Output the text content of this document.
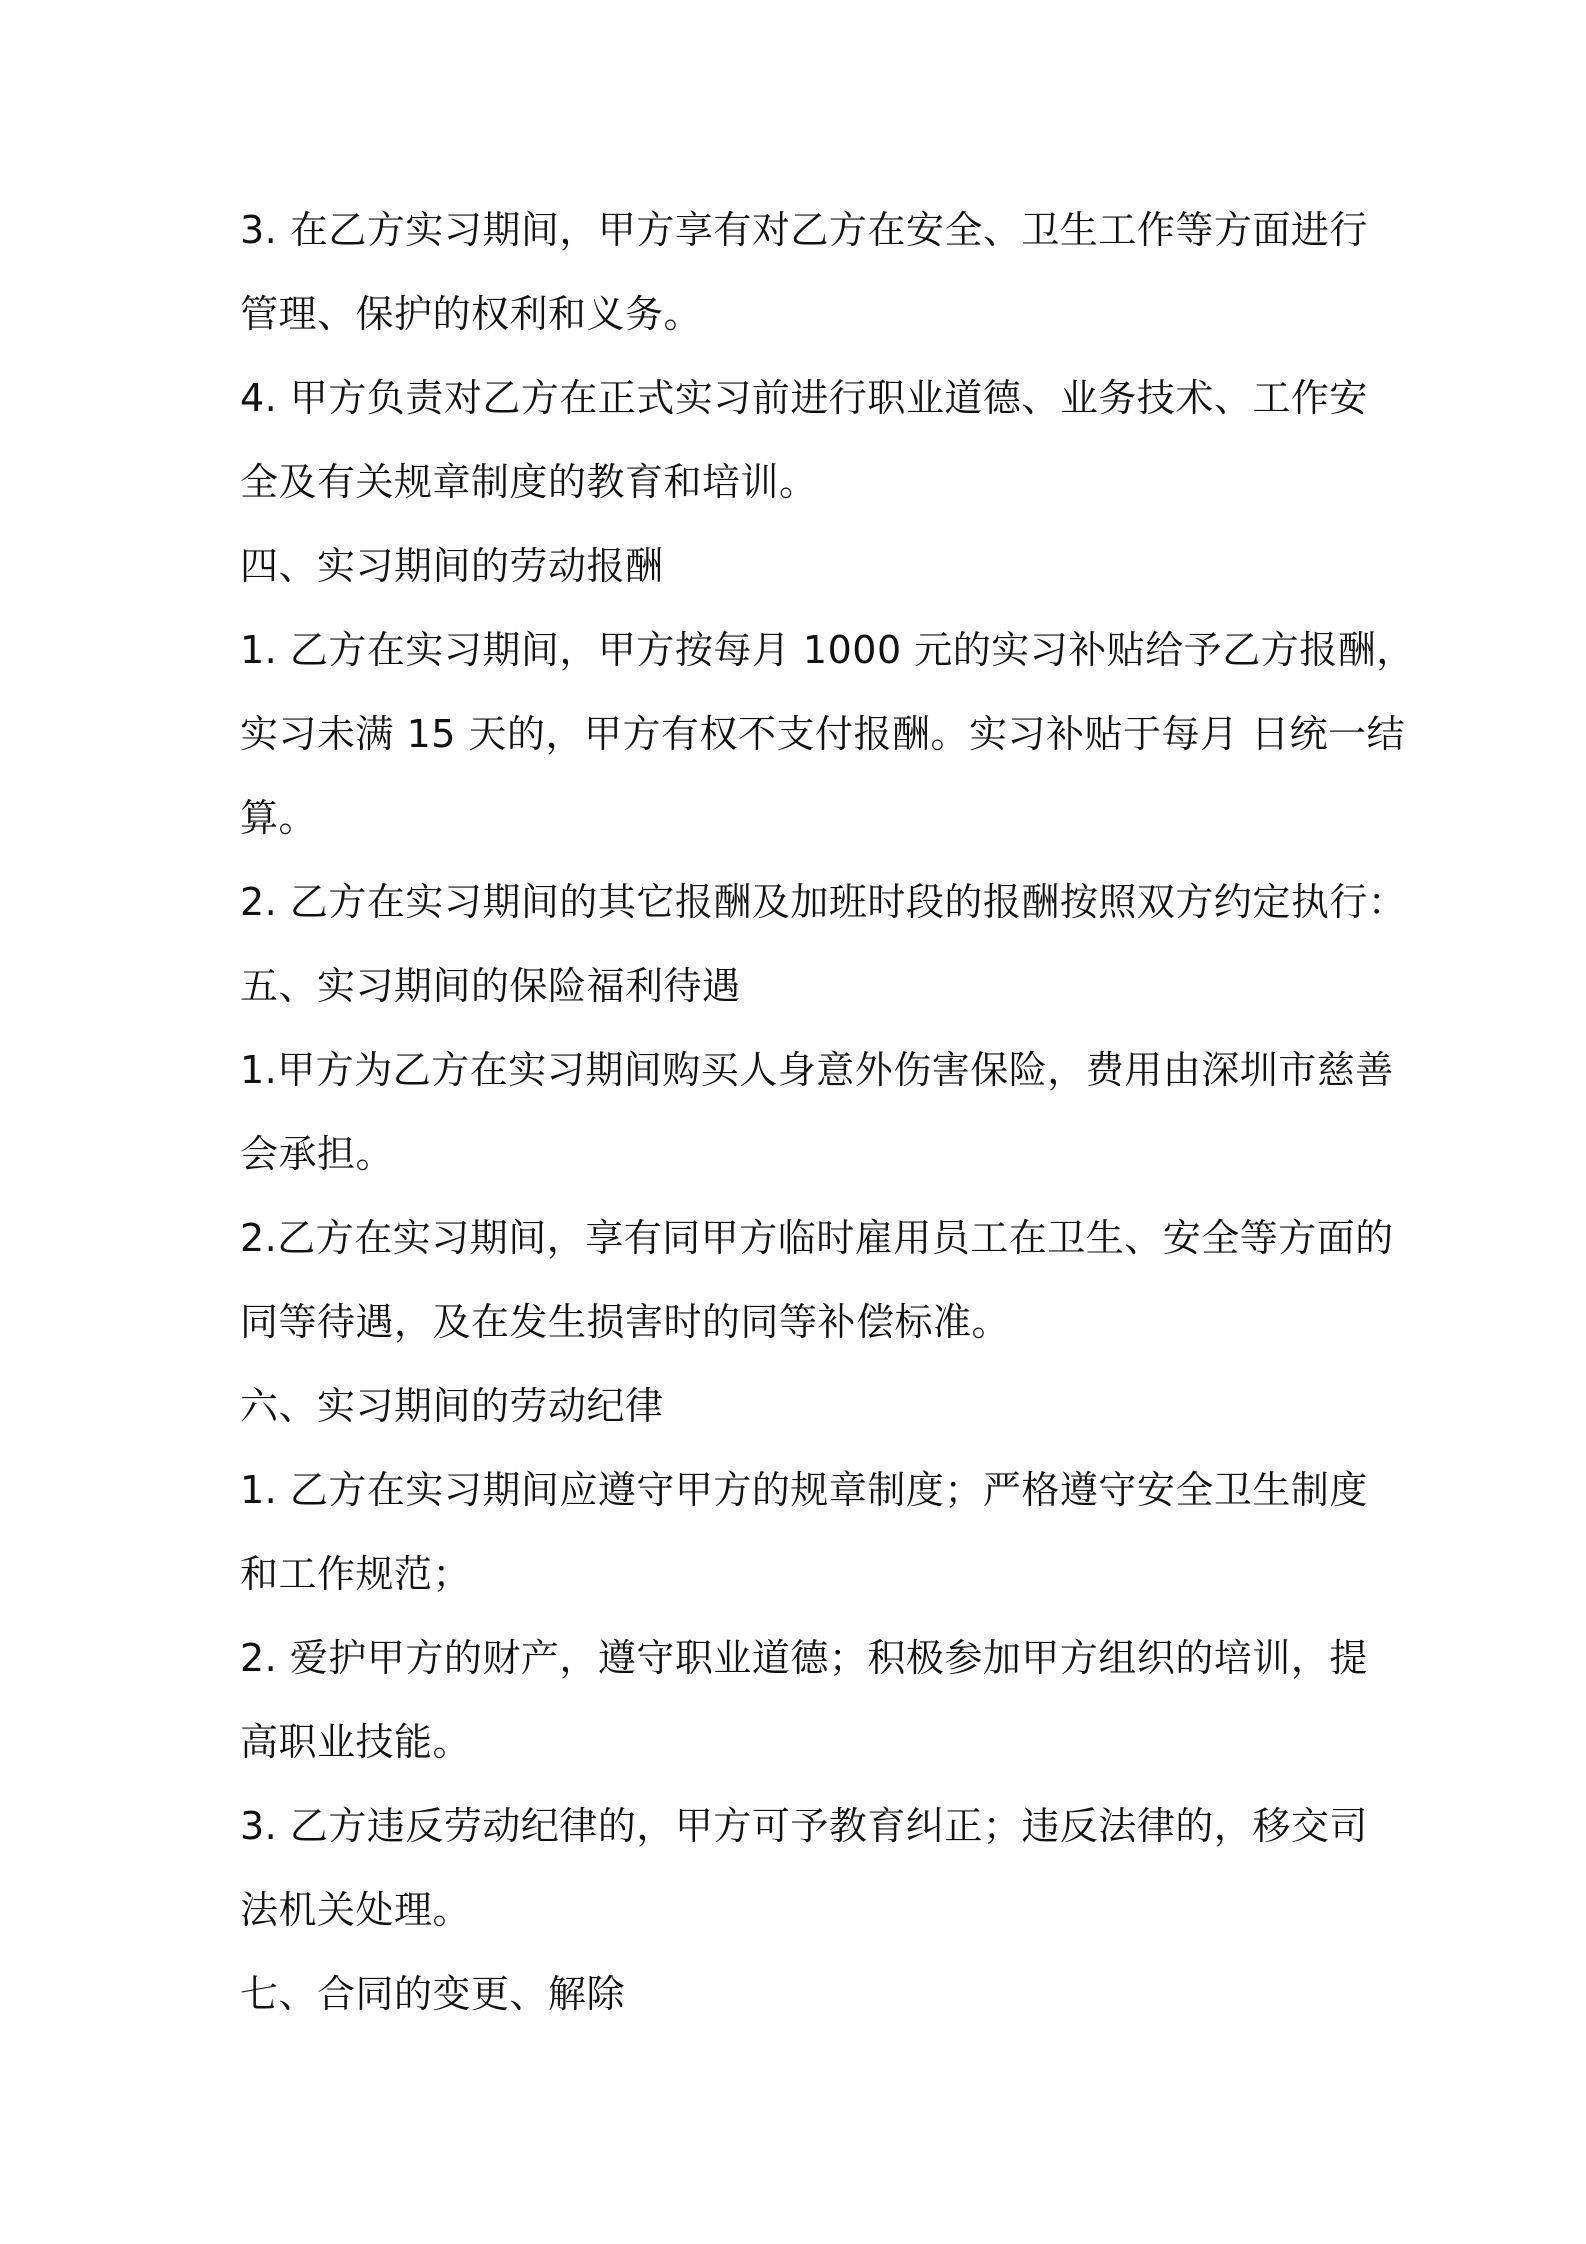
3. 在乙方实习期间，甲方享有对乙方在安全、卫生工作等方面进行
管理、保护的权利和义务。
4. 甲方负责对乙方在正式实习前进行职业道德、业务技术、工作安
全及有关规章制度的教育和培训。
四、实习期间的劳动报酬
1. 乙方在实习期间，甲方按每月 1000 元的实习补贴给予乙方报酬，
实习未满 15 天的，甲方有权不支付报酬。实习补贴于每月 日统一结
算。
2. 乙方在实习期间的其它报酬及加班时段的报酬按照双方约定执行：
五、实习期间的保险福利待遇
1.甲方为乙方在实习期间购买人身意外伤害保险，费用由深圳市慈善
会承担。
2.乙方在实习期间，享有同甲方临时雇用员工在卫生、安全等方面的
同等待遇，及在发生损害时的同等补偿标准。
六、实习期间的劳动纪律
1. 乙方在实习期间应遵守甲方的规章制度；严格遵守安全卫生制度
和工作规范；
2. 爱护甲方的财产，遵守职业道德；积极参加甲方组织的培训，提
高职业技能。
3. 乙方违反劳动纪律的，甲方可予教育纠正；违反法律的，移交司
法机关处理。
七、合同的变更、解除
